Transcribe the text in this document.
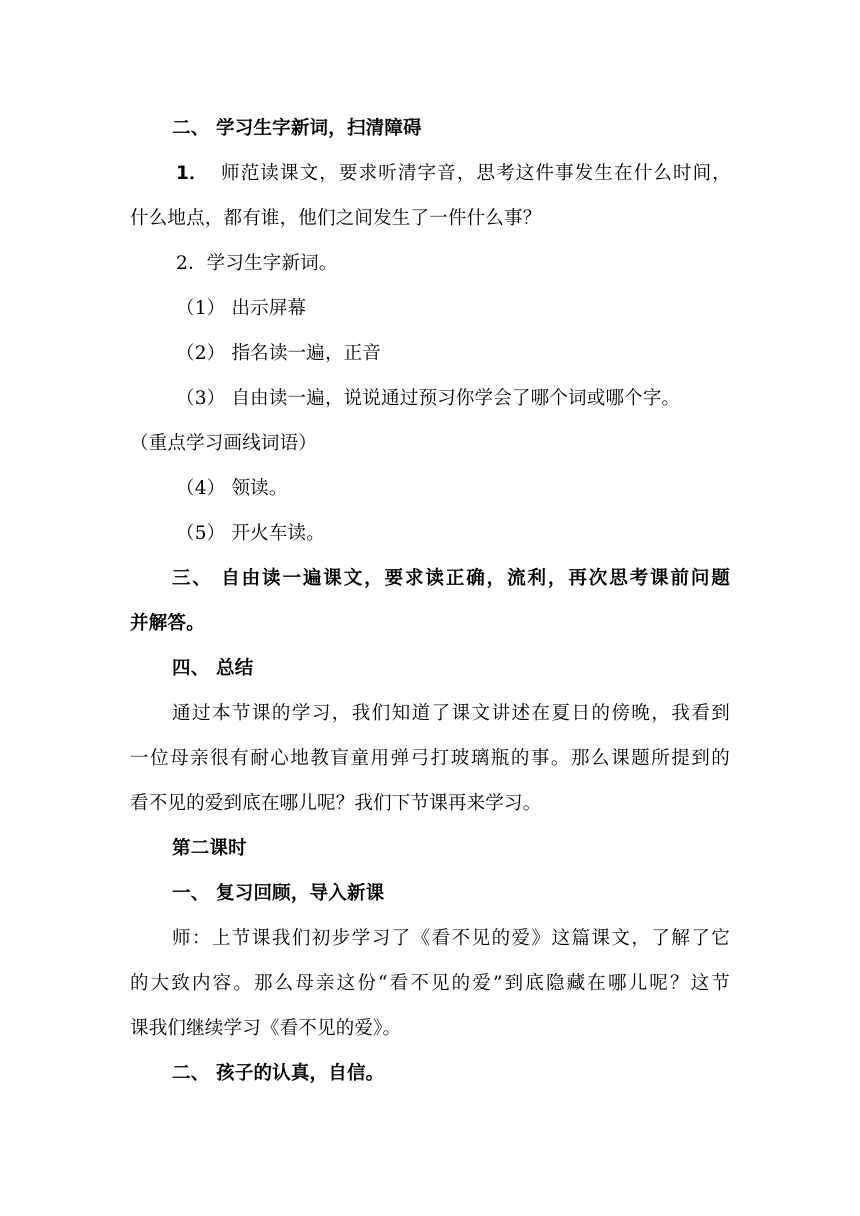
二、 学习生字新词，扫清障碍
1． 师范读课文，要求听清字音，思考这件事发生在什么时间，
什么地点，都有谁，他们之间发生了一件什么事？
2．学习生字新词。
（1） 出示屏幕
（2） 指名读一遍，正音
（3） 自由读一遍，说说通过预习你学会了哪个词或哪个字。
（重点学习画线词语）
（4） 领读。
（5） 开火车读。
三、 自由读一遍课文，要求读正确，流利，再次思考课前问题
并解答。
四、 总结
通过本节课的学习，我们知道了课文讲述在夏日的傍晚，我看到
一位母亲很有耐心地教盲童用弹弓打玻璃瓶的事。那么课题所提到的
看不见的爱到底在哪儿呢？我们下节课再来学习。
第二课时
一、 复习回顾，导入新课
师：上节课我们初步学习了《看不见的爱》这篇课文，了解了它
的大致内容。那么母亲这份“看不见的爱”到底隐藏在哪儿呢？这节
课我们继续学习《看不见的爱》。
二、 孩子的认真，自信。
